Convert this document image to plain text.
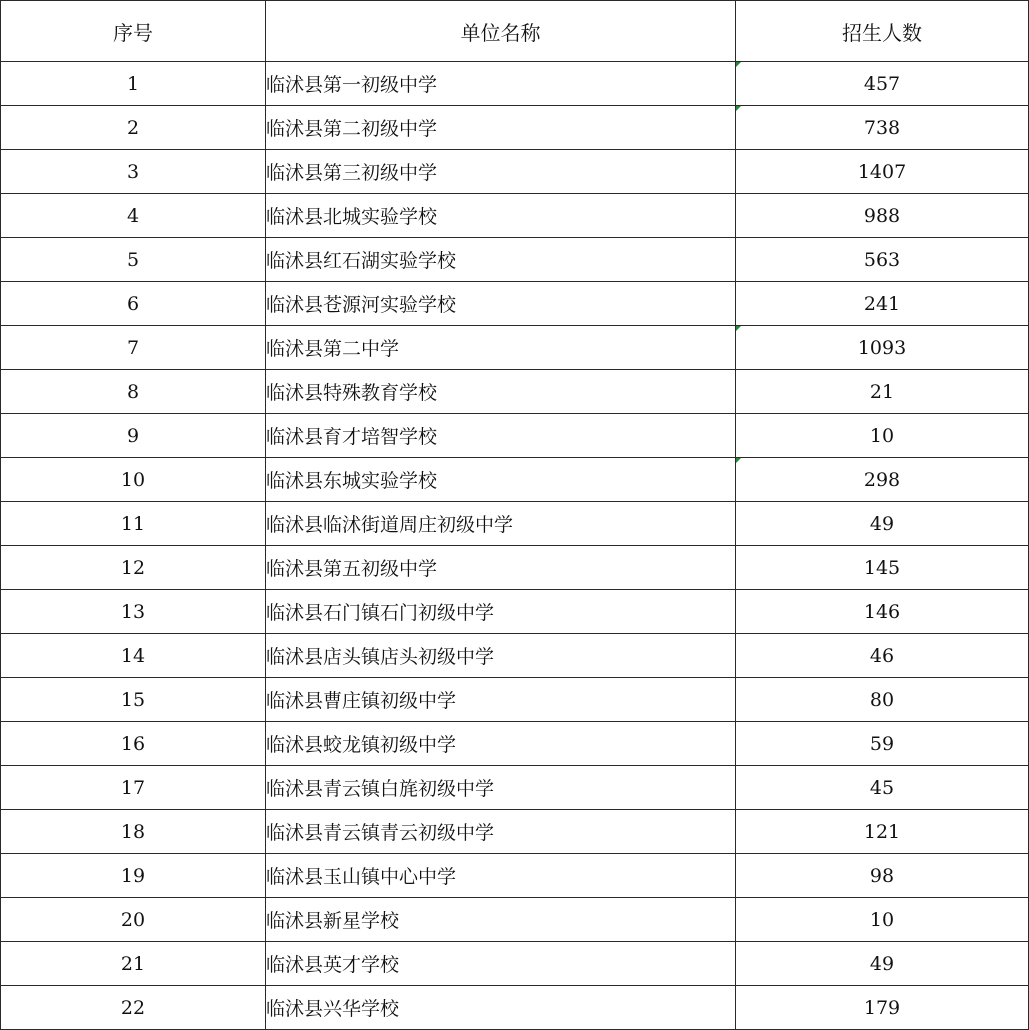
序号	单位名称	招生人数
1	临沭县第一初级中学	457

2	临沭县第二初级中学	738

3	临沭县第三初级中学	1407
4	临沭县北城实验学校	988
5	临沭县红石湖实验学校	563
6	临沭县苍源河实验学校	241
7	临沭县第二中学	1093

8	临沭县特殊教育学校	21
9	临沭县育才培智学校	10
10	临沭县东城实验学校	298

11	临沭县临沭街道周庄初级中学	49
12	临沭县第五初级中学	145
13	临沭县石门镇石门初级中学	146
14	临沭县店头镇店头初级中学	46
15	临沭县曹庄镇初级中学	80
16	临沭县蛟龙镇初级中学	59
17	临沭县青云镇白旄初级中学	45
18	临沭县青云镇青云初级中学	121
19	临沭县玉山镇中心中学	98
20	临沭县新星学校	10
21	临沭县英才学校	49
22	临沭县兴华学校	179
